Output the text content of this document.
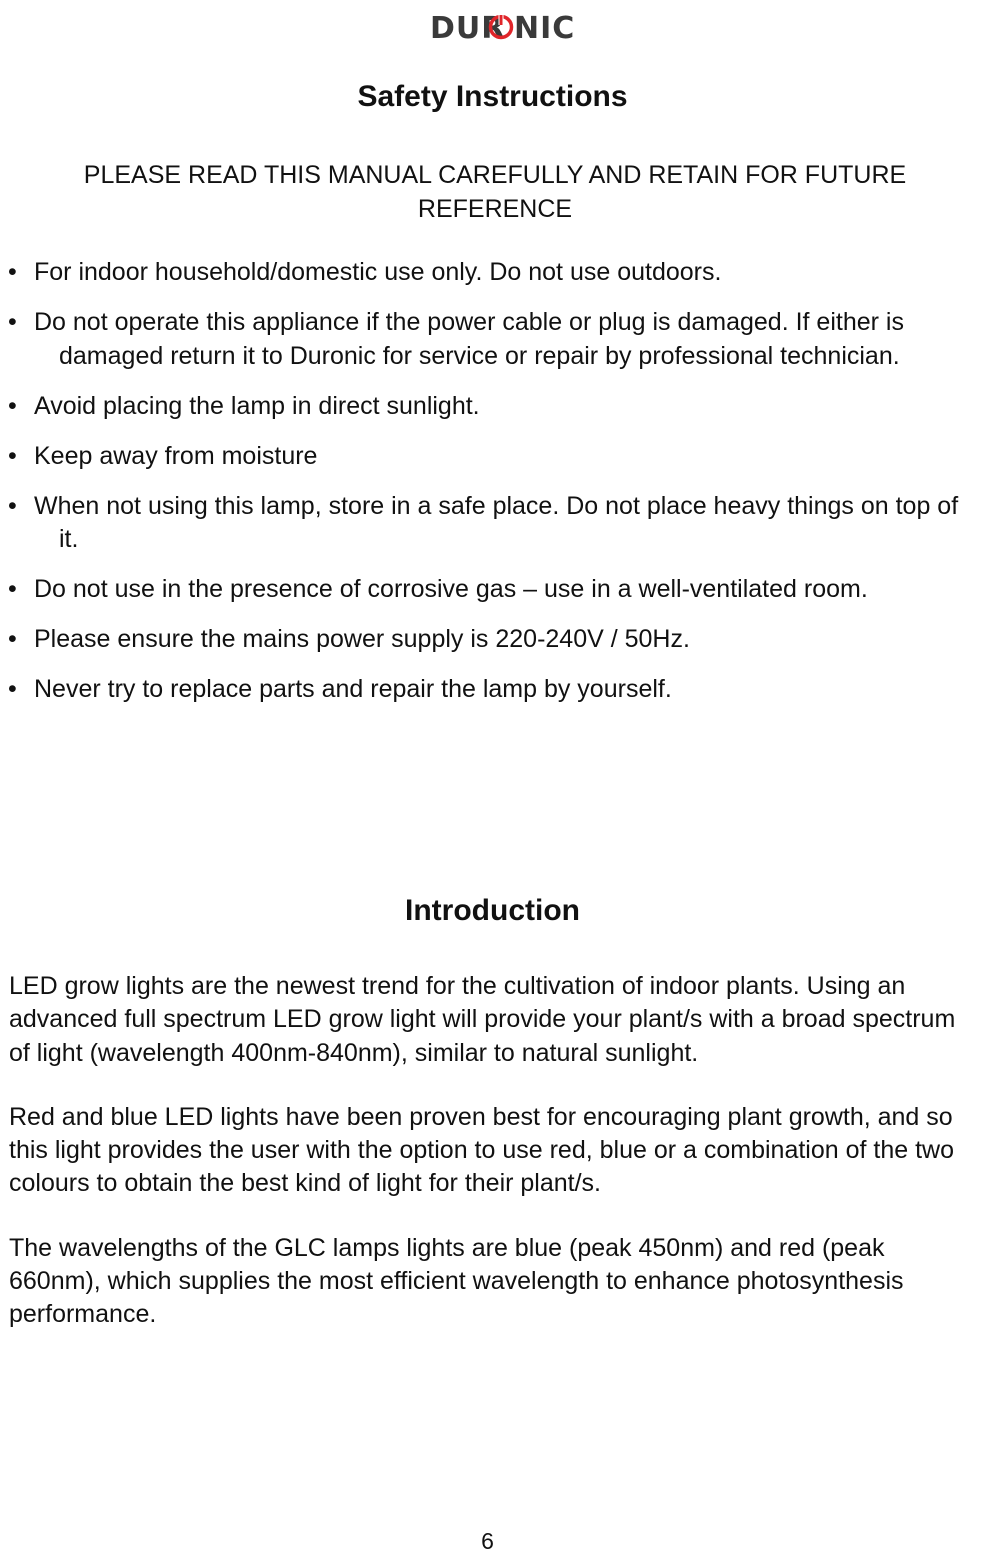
DUR NIC
Safety Instructions

PLEASE READ THIS MANUAL CAREFULLY AND RETAIN FOR FUTURE REFERENCE

• For indoor household/domestic use only. Do not use outdoors.
• Do not operate this appliance if the power cable or plug is damaged. If either is damaged return it to Duronic for service or repair by professional technician.
• Avoid placing the lamp in direct sunlight.
• Keep away from moisture
• When not using this lamp, store in a safe place. Do not place heavy things on top of it.
• Do not use in the presence of corrosive gas – use in a well-ventilated room.
• Please ensure the mains power supply is 220-240V / 50Hz.
• Never try to replace parts and repair the lamp by yourself.
Introduction

LED grow lights are the newest trend for the cultivation of indoor plants. Using an advanced full spectrum LED grow light will provide your plant/s with a broad spectrum of light (wavelength 400nm-840nm), similar to natural sunlight.

Red and blue LED lights have been proven best for encouraging plant growth, and so this light provides the user with the option to use red, blue or a combination of the two colours to obtain the best kind of light for their plant/s.

The wavelengths of the GLC lamps lights are blue (peak 450nm) and red (peak 660nm), which supplies the most efficient wavelength to enhance photosynthesis performance.

6
